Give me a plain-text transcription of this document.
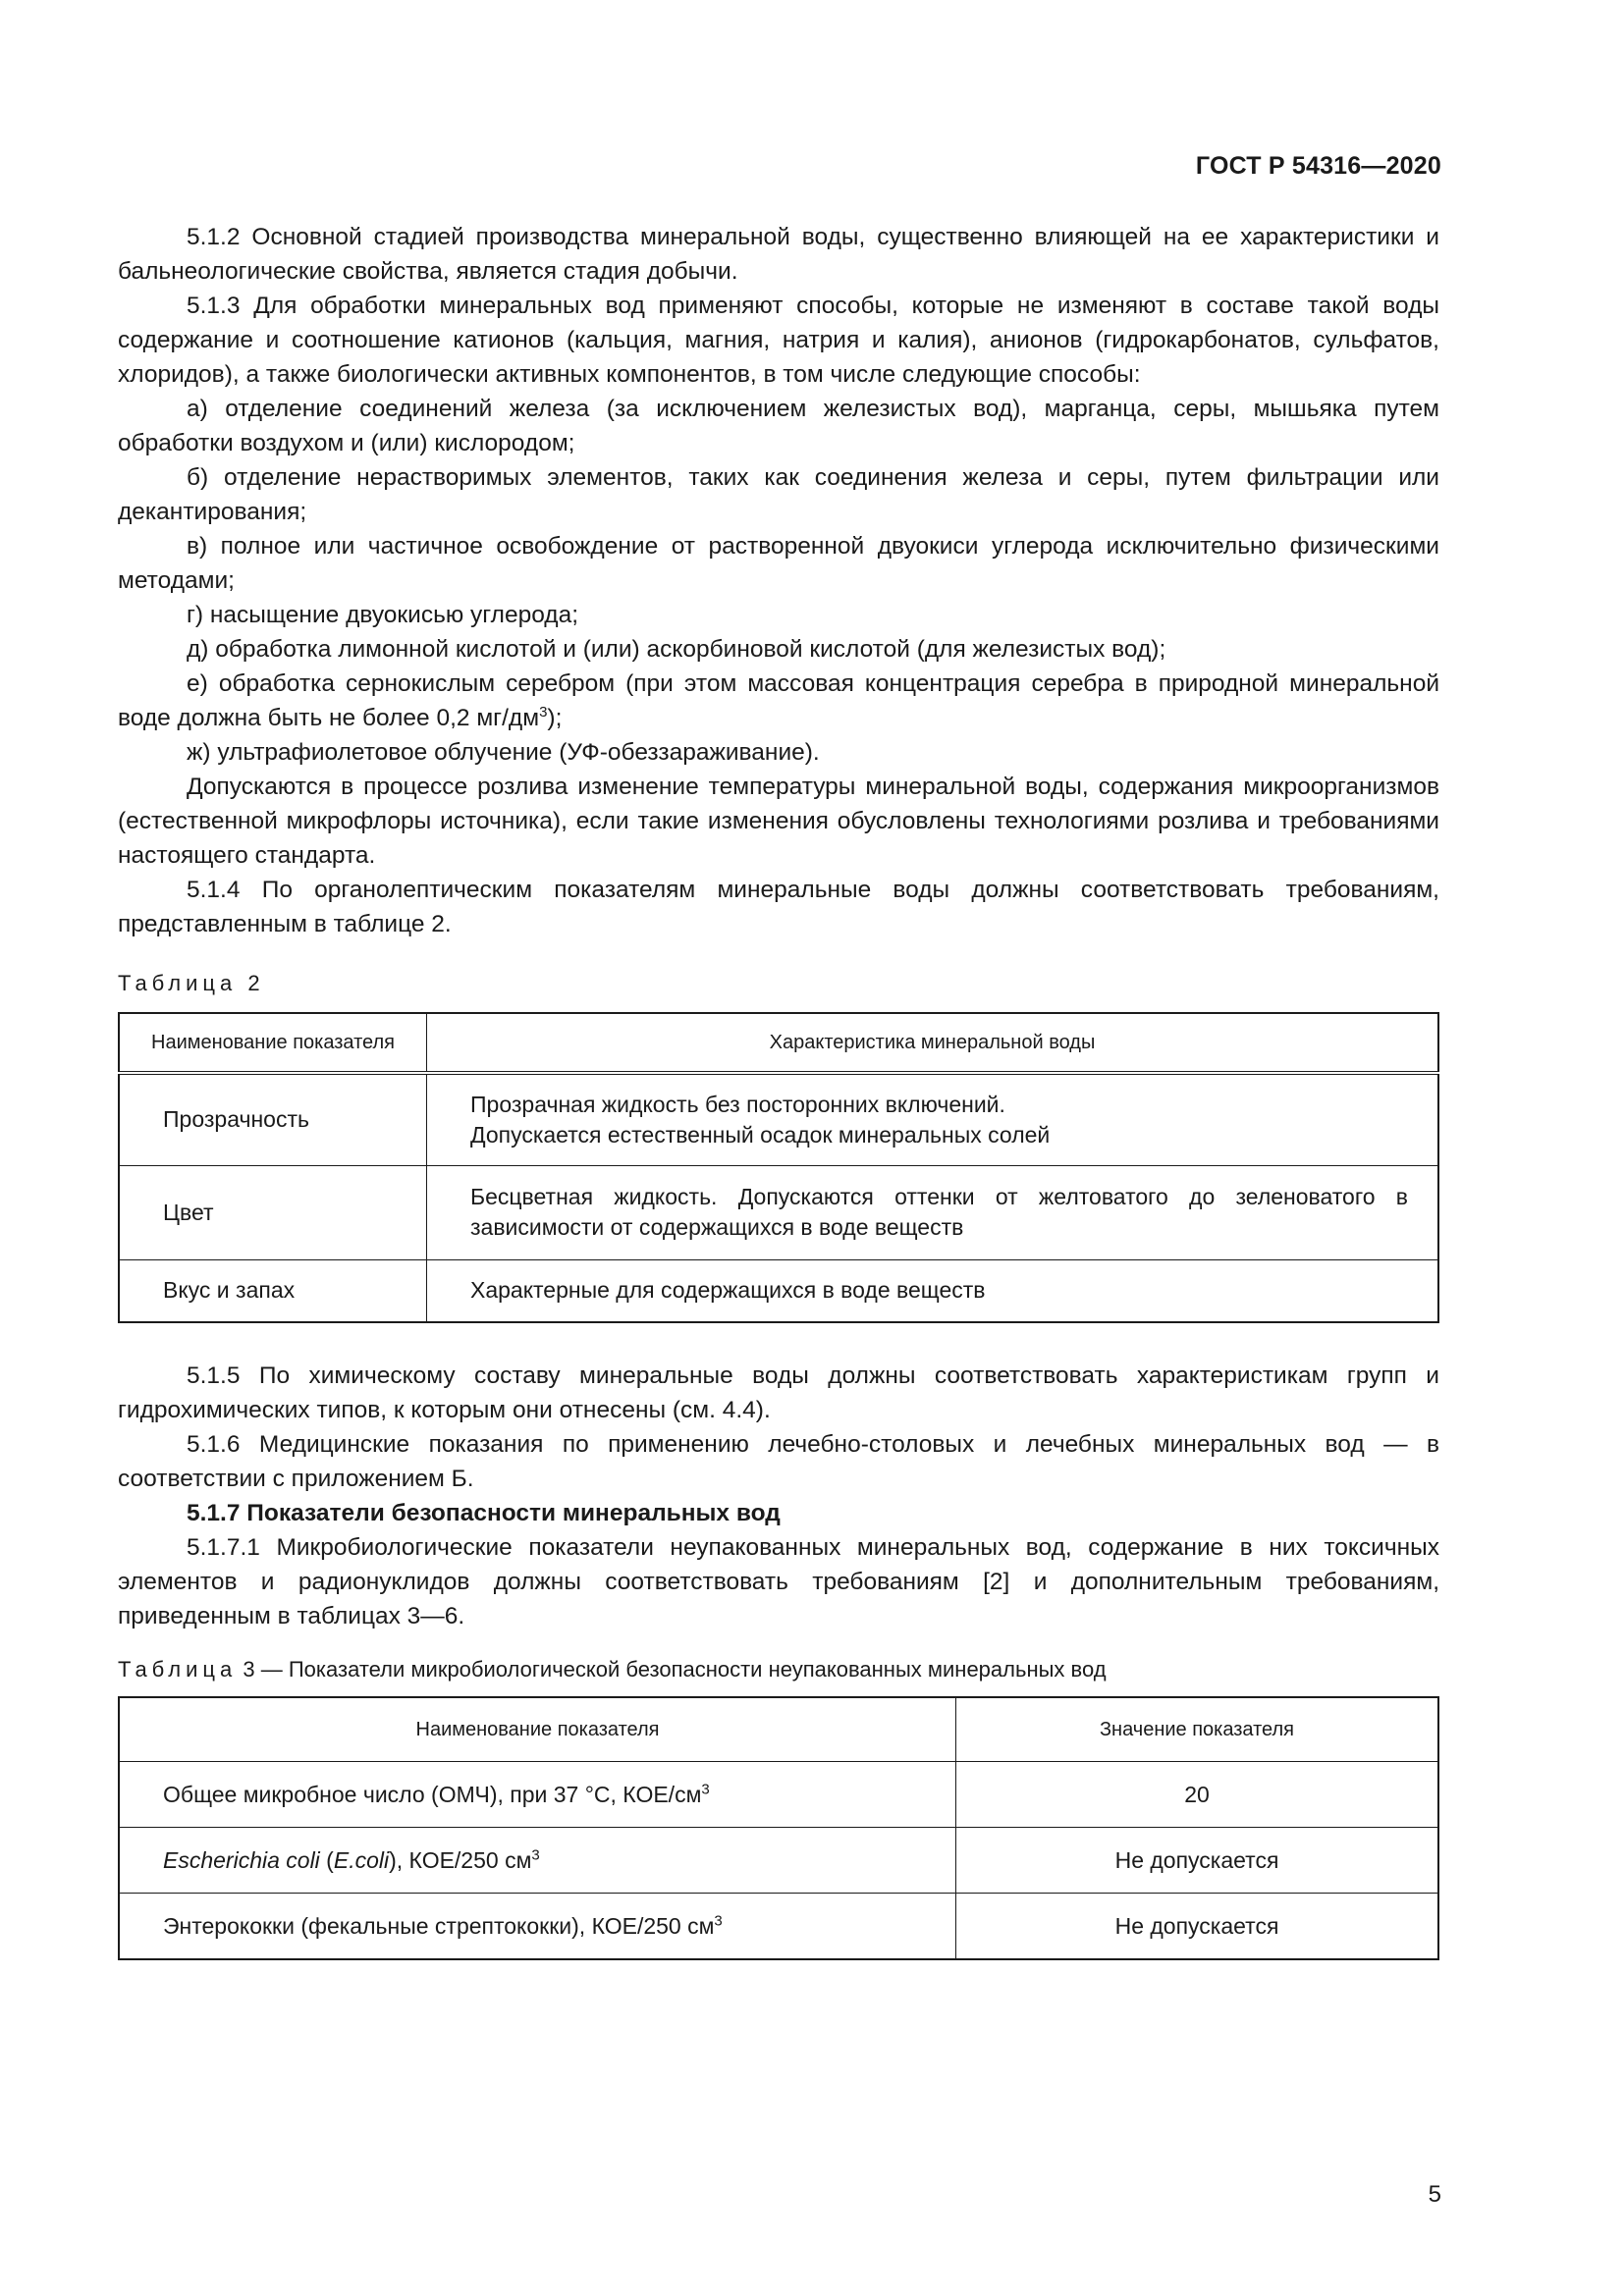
ГОСТ Р 54316—2020

5.1.2 Основной стадией производства минеральной воды, существенно влияющей на ее характеристики и бальнеологические свойства, является стадия добычи.

5.1.3 Для обработки минеральных вод применяют способы, которые не изменяют в составе такой воды содержание и соотношение катионов (кальция, магния, натрия и калия), анионов (гидрокарбонатов, сульфатов, хлоридов), а также биологически активных компонентов, в том числе следующие способы:

а) отделение соединений железа (за исключением железистых вод), марганца, серы, мышьяка путем обработки воздухом и (или) кислородом;

б) отделение нерастворимых элементов, таких как соединения железа и серы, путем фильтрации или декантирования;

в) полное или частичное освобождение от растворенной двуокиси углерода исключительно физическими методами;

г) насыщение двуокисью углерода;

д) обработка лимонной кислотой и (или) аскорбиновой кислотой (для железистых вод);

е) обработка сернокислым серебром (при этом массовая концентрация серебра в природной минеральной воде должна быть не более 0,2 $мг/дм^3$);

ж) ультрафиолетовое облучение (УФ-обеззараживание).

Допускаются в процессе розлива изменение температуры минеральной воды, содержания микроорганизмов (естественной микрофлоры источника), если такие изменения обусловлены технологиями розлива и требованиями настоящего стандарта.

5.1.4 По органолептическим показателям минеральные воды должны соответствовать требованиям, представленным в таблице 2.

Таблица 2

Наименование показателя	Характеристика минеральной воды
Прозрачность	Прозрачная жидкость без посторонних включений.
Допускается естественный осадок минеральных солей

Цвет	Бесцветная жидкость. Допускаются оттенки от желтоватого до зеленоватого в зависимости от содержащихся в воде веществ
Вкус и запах	Характерные для содержащихся в воде веществ

5.1.5 По химическому составу минеральные воды должны соответствовать характеристикам групп и гидрохимических типов, к которым они отнесены (см. 4.4).

5.1.6 Медицинские показания по применению лечебно-столовых и лечебных минеральных вод — в соответствии с приложением Б.

5.1.7 Показатели безопасности минеральных вод

5.1.7.1 Микробиологические показатели неупакованных минеральных вод, содержание в них токсичных элементов и радионуклидов должны соответствовать требованиям [2] и дополнительным требованиям, приведенным в таблицах 3—6.

Таблица 3 — Показатели микробиологической безопасности неупакованных минеральных вод

Наименование показателя	Значение показателя
Общее микробное число (ОМЧ), при 37 °С, КОЕ/$см^3$	20
Escherichia coli (E.coli), КОЕ/250 $см^3$	Не допускается
Энтерококки (фекальные стрептококки), КОЕ/250 $см^3$	Не допускается
5
